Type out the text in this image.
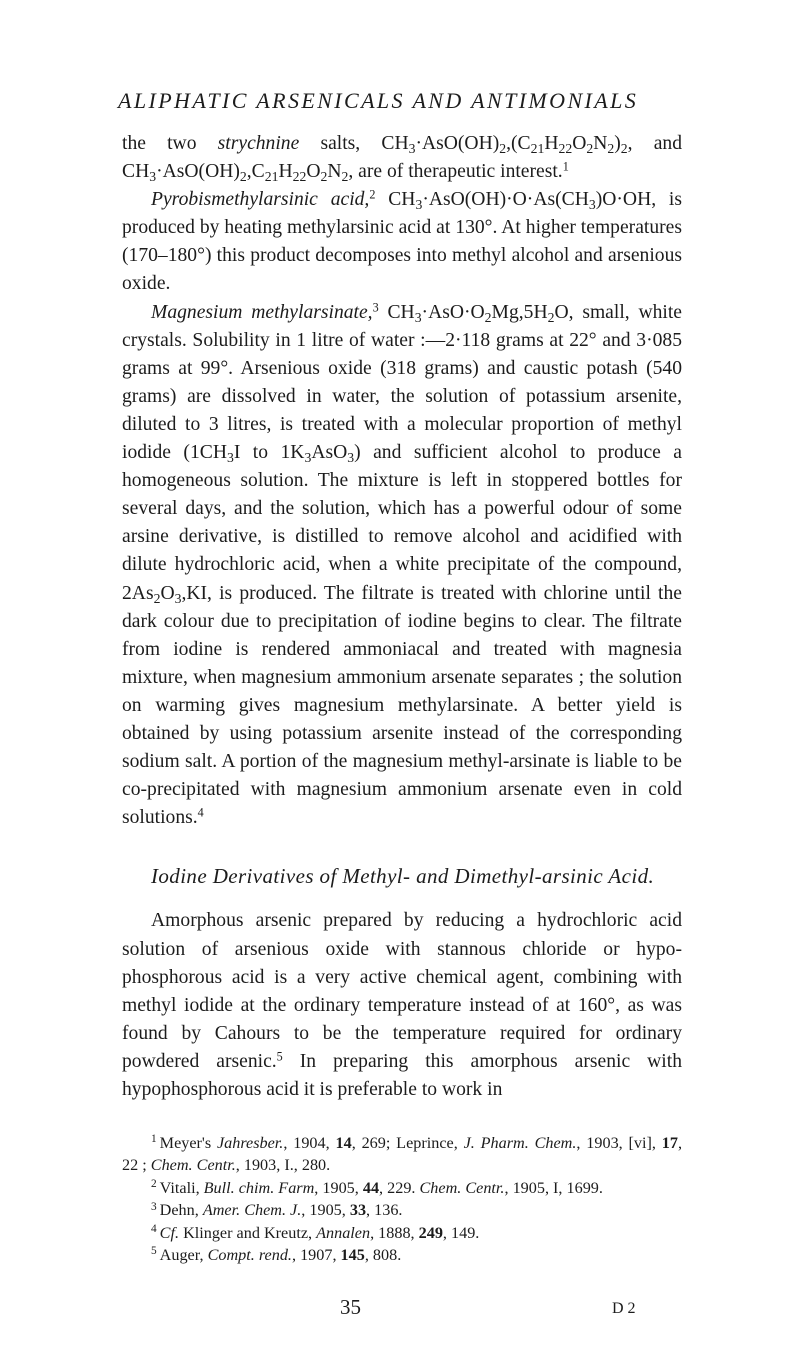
ALIPHATIC ARSENICALS AND ANTIMONIALS

the two strychnine salts, $CH_3\cdot AsO(OH)_2,(C_{21}H_{22}O_2N_2)_2$, and $CH_3\cdot AsO(OH)_2,C_{21}H_{22}O_2N_2$, are of therapeutic interest.$^1$

Pyrobismethylarsinic acid,$^2$ $CH_3\cdot AsO(OH)\cdot O\cdot As(CH_3)O\cdot OH$, is produced by heating methylarsinic acid at 130°. At higher temperatures (170–180°) this product decomposes into methyl alcohol and arsenious oxide.

Magnesium methylarsinate,$^3$ $CH_3\cdot AsO\cdot O_2Mg,5H_2O$, small, white crystals. Solubility in 1 litre of water :—2·118 grams at 22° and 3·085 grams at 99°. Arsenious oxide (318 grams) and caustic potash (540 grams) are dissolved in water, the solution of potassium arsenite, diluted to 3 litres, is treated with a molecular proportion of methyl iodide ($1CH_3I$ to $1K_3AsO_3$) and sufficient alcohol to produce a homogeneous solution. The mixture is left in stoppered bottles for several days, and the solution, which has a powerful odour of some arsine derivative, is distilled to remove alcohol and acidified with dilute hydrochloric acid, when a white precipitate of the compound, $2As_2O_3,KI$, is produced. The filtrate is treated with chlorine until the dark colour due to precipitation of iodine begins to clear. The filtrate from iodine is rendered ammoniacal and treated with magnesia mixture, when magnesium ammonium arsenate separates ; the solution on warming gives magnesium methylarsinate. A better yield is obtained by using potassium arsenite instead of the corresponding sodium salt. A portion of the magnesium methyl-arsinate is liable to be co-precipitated with magnesium ammonium arsenate even in cold solutions.$^4$

Iodine Derivatives of Methyl- and Dimethyl-arsinic Acid.

Amorphous arsenic prepared by reducing a hydrochloric acid solution of arsenious oxide with stannous chloride or hypo-phosphorous acid is a very active chemical agent, combining with methyl iodide at the ordinary temperature instead of at 160°, as was found by Cahours to be the temperature required for ordinary powdered arsenic.$^5$ In preparing this amorphous arsenic with hypophosphorous acid it is preferable to work in

$^1$ Meyer's Jahresber., 1904, 14, 269; Leprince, J. Pharm. Chem., 1903, [vi], 17, 22 ; Chem. Centr., 1903, I., 280.

$^2$ Vitali, Bull. chim. Farm, 1905, 44, 229. Chem. Centr., 1905, I, 1699.

$^3$ Dehn, Amer. Chem. J., 1905, 33, 136.

$^4$ Cf. Klinger and Kreutz, Annalen, 1888, 249, 149.

$^5$ Auger, Compt. rend., 1907, 145, 808.

35	D 2
